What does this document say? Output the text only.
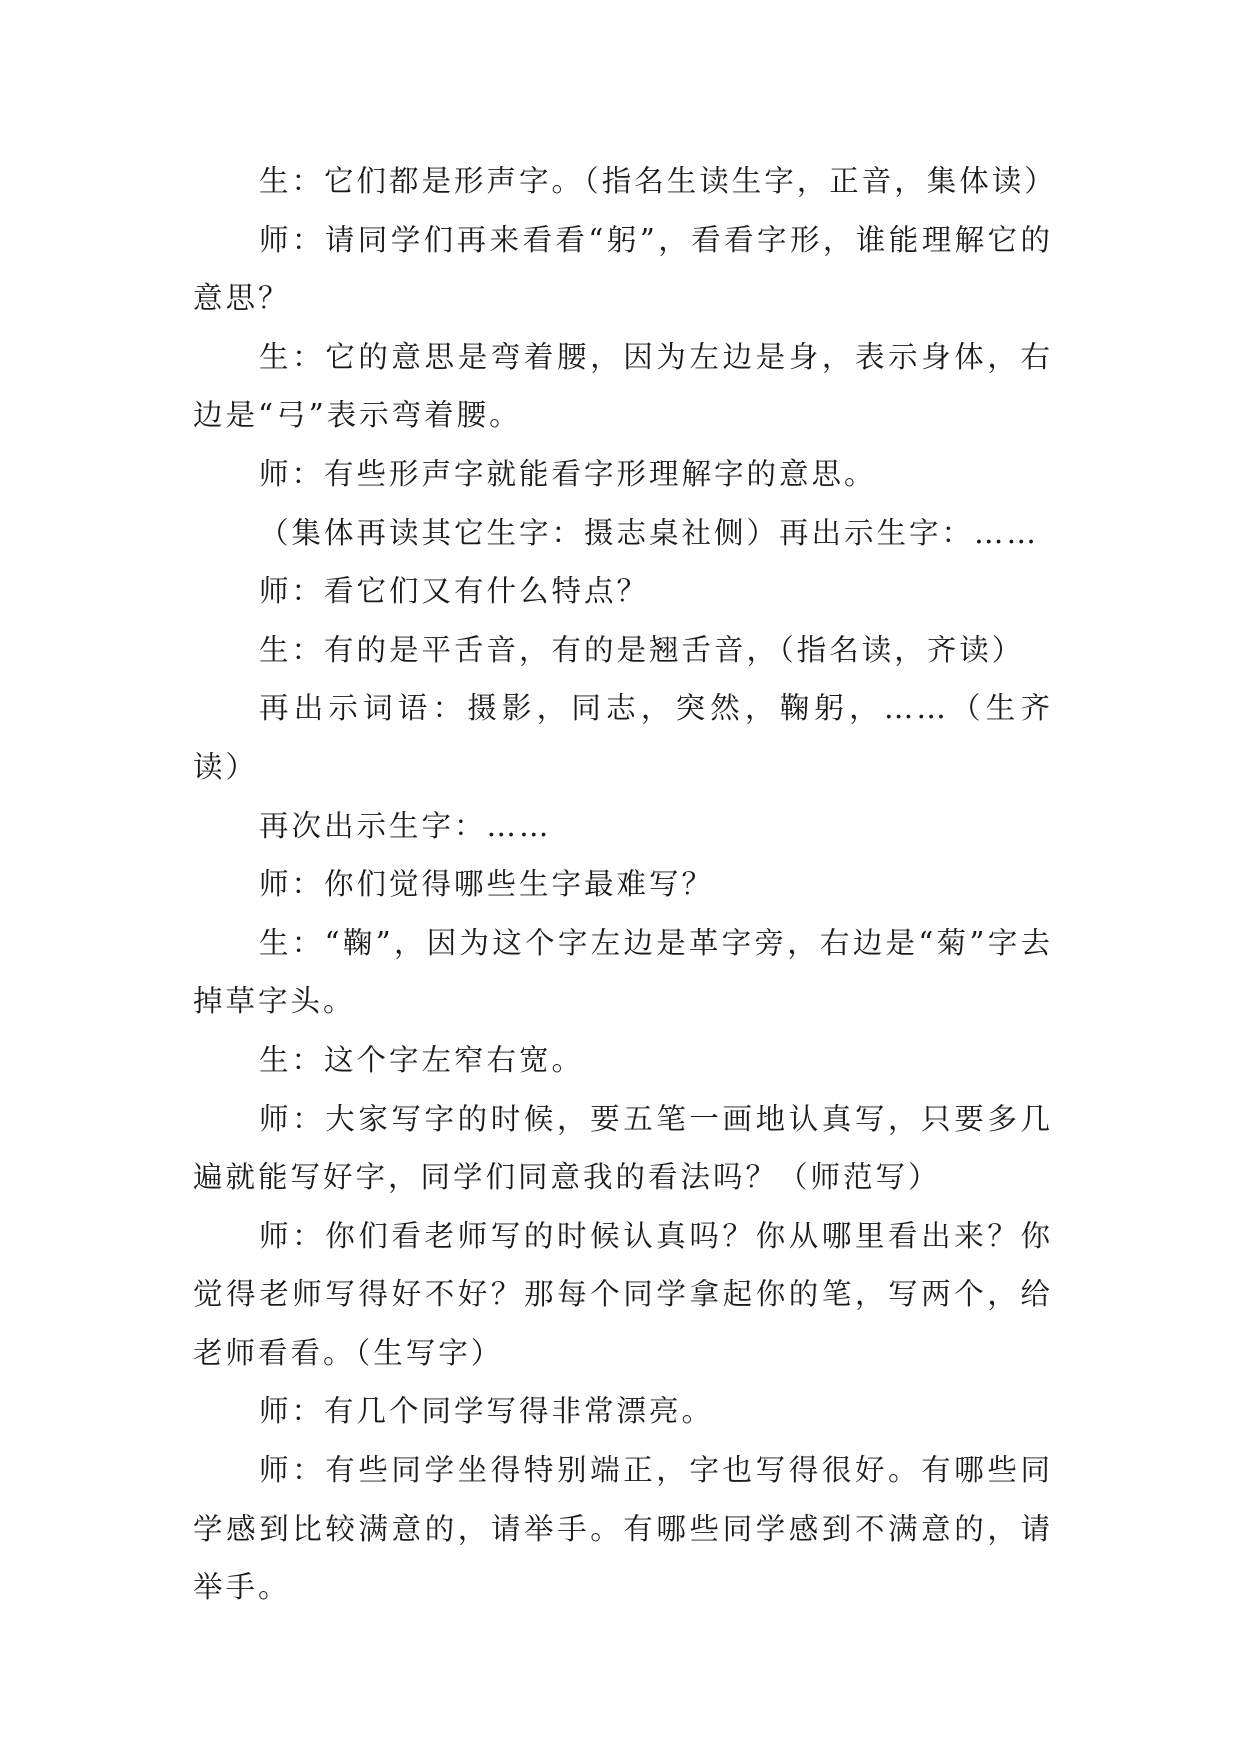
生：它们都是形声字。（指名生读生字，正音，集体读）

师：请同学们再来看看“躬”，看看字形，谁能理解它的意思？

生：它的意思是弯着腰，因为左边是身，表示身体，右边是“弓”表示弯着腰。

师：有些形声字就能看字形理解字的意思。

（集体再读其它生字：摄志桌社侧）再出示生字：……

师：看它们又有什么特点？

生：有的是平舌音，有的是翘舌音，（指名读，齐读）

再出示词语：摄影，同志，突然，鞠躬，……（生齐读）

再次出示生字：……

师：你们觉得哪些生字最难写？

生：“鞠”，因为这个字左边是革字旁，右边是“菊”字去掉草字头。

生：这个字左窄右宽。

师：大家写字的时候，要五笔一画地认真写，只要多几遍就能写好字，同学们同意我的看法吗？（师范写）

师：你们看老师写的时候认真吗？你从哪里看出来？你觉得老师写得好不好？那每个同学拿起你的笔，写两个，给老师看看。（生写字）

师：有几个同学写得非常漂亮。

师：有些同学坐得特别端正，字也写得很好。有哪些同学感到比较满意的，请举手。有哪些同学感到不满意的，请举手。
